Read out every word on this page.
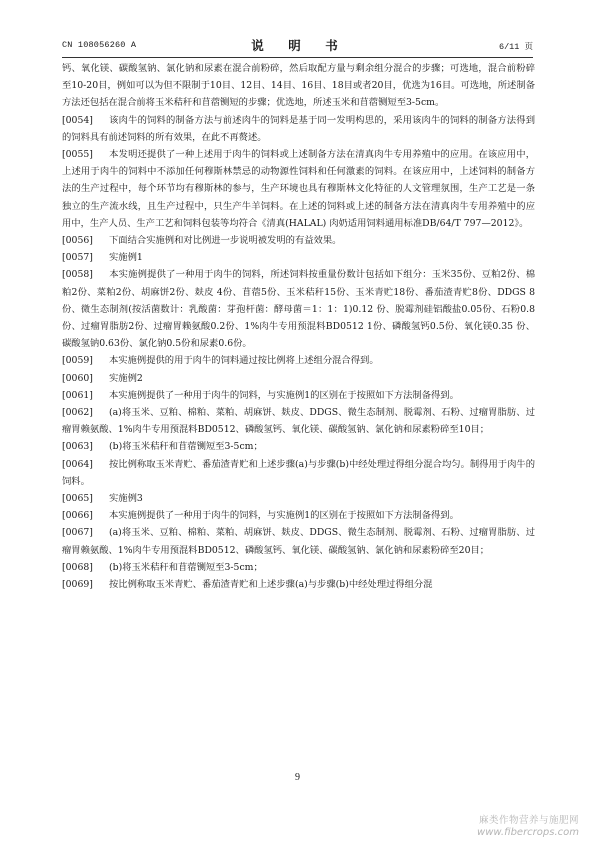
CN 108056260 A	说　明　书	6/11 页

钙、氧化镁、碳酸氢钠、氯化钠和尿素在混合前粉碎，然后取配方量与剩余组分混合的步骤；可选地，混合前粉碎至10-20目，例如可以为但不限制于10目、12目、14目、16目、18目或者20目，优选为16目。可选地，所述制备方法还包括在混合前将玉米秸秆和苜蓿铡短的步骤；优选地，所述玉米和苜蓿铡短至3-5cm。

[0054] 该肉牛的饲料的制备方法与前述肉牛的饲料是基于同一发明构思的，采用该肉牛的饲料的制备方法得到的饲料具有前述饲料的所有效果，在此不再赘述。

[0055] 本发明还提供了一种上述用于肉牛的饲料或上述制备方法在清真肉牛专用养殖中的应用。在该应用中，上述用于肉牛的饲料中不添加任何穆斯林禁忌的动物源性饲料和任何激素的饲料。在该应用中，上述饲料的制备方法的生产过程中，每个环节均有穆斯林的参与，生产环境也具有穆斯林文化特征的人文管理氛围，生产工艺是一条独立的生产流水线，且生产过程中，只生产牛羊饲料。在上述的饲料或上述的制备方法在清真肉牛专用养殖中的应用中，生产人员、生产工艺和饲料包装等均符合《清真(HALAL) 肉奶适用饲料通用标准DB/64/T 797—2012》。

[0056] 下面结合实施例和对比例进一步说明被发明的有益效果。

[0057] 实施例1

[0058] 本实施例提供了一种用于肉牛的饲料，所述饲料按重量份数计包括如下组分：玉米35份、豆粕2份、棉粕2份、菜粕2份、胡麻饼2份、麸皮 4份、苜蓿5份、玉米秸秆15份、玉米青贮18份、番茄渣青贮8份、DDGS 8份、微生态制剂(按活菌数计：乳酸菌：芽孢杆菌：酵母菌＝1：1：1)0.12 份、脱霉剂硅铝酸盐0.05份、石粉0.8份、过瘤胃脂肪2份、过瘤胃赖氨酸0.2份、1%肉牛专用预混料BD0512 1份、磷酸氢钙0.5份、氧化镁0.35 份、碳酸氢钠0.63份、氯化钠0.5份和尿素0.6份。

[0059] 本实施例提供的用于肉牛的饲料通过按比例将上述组分混合得到。

[0060] 实施例2

[0061] 本实施例提供了一种用于肉牛的饲料，与实施例1的区别在于按照如下方法制备得到。

[0062] (a)将玉米、豆粕、棉粕、菜粕、胡麻饼、麸皮、DDGS、微生态制剂、脱霉剂、石粉、过瘤胃脂肪、过瘤胃赖氨酸、1%肉牛专用预混料BD0512、磷酸氢钙、氧化镁、碳酸氢钠、氯化钠和尿素粉碎至10目；

[0063] (b)将玉米秸秆和苜蓿铡短至3-5cm；

[0064] 按比例称取玉米青贮、番茄渣青贮和上述步骤(a)与步骤(b)中经处理过得组分混合均匀。制得用于肉牛的饲料。

[0065] 实施例3

[0066] 本实施例提供了一种用于肉牛的饲料，与实施例1的区别在于按照如下方法制备得到。

[0067] (a)将玉米、豆粕、棉粕、菜粕、胡麻饼、麸皮、DDGS、微生态制剂、脱霉剂、石粉、过瘤胃脂肪、过瘤胃赖氨酸、1%肉牛专用预混料BD0512、磷酸氢钙、氧化镁、碳酸氢钠、氯化钠和尿素粉碎至20目；

[0068] (b)将玉米秸秆和苜蓿铡短至3-5cm；

[0069] 按比例称取玉米青贮、番茄渣青贮和上述步骤(a)与步骤(b)中经处理过得组分混

9
麻类作物营养与施肥网
www.fibercrops.com
